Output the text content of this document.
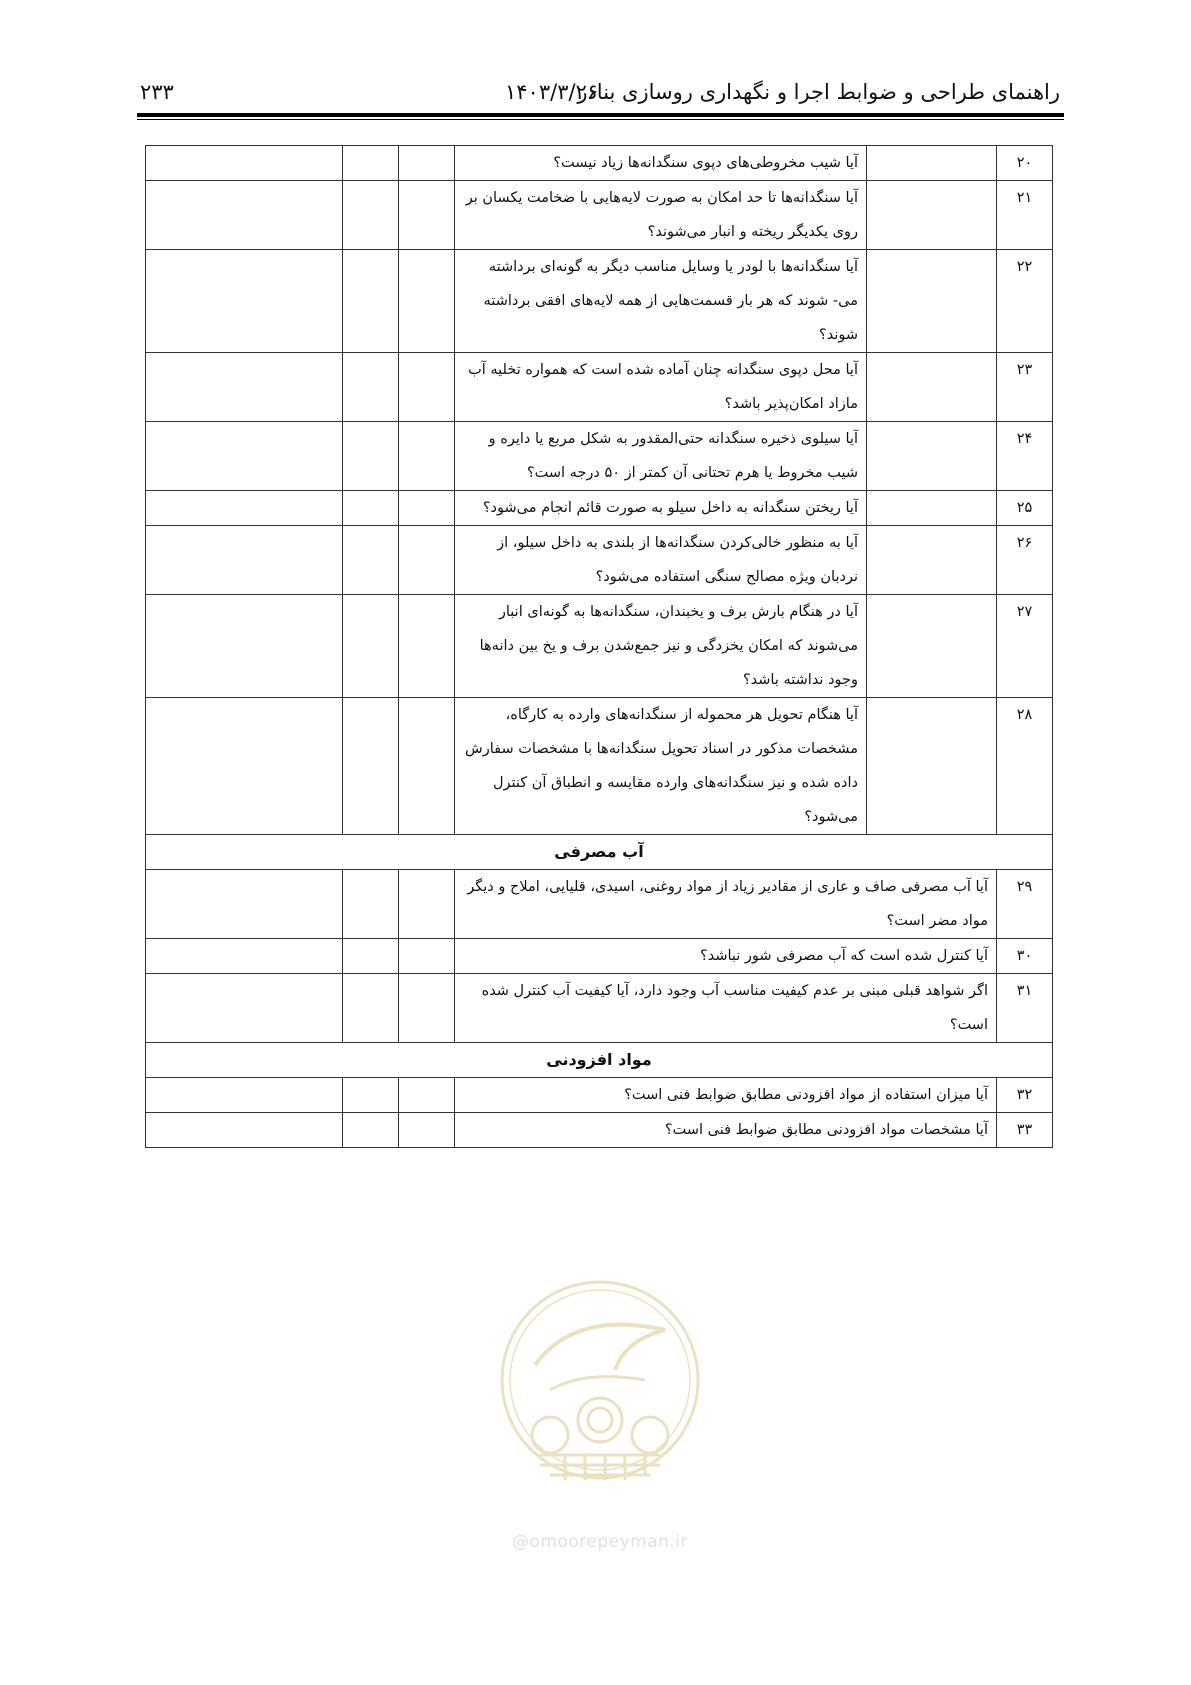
راهنمای طراحی و ضوابط اجرا و نگهداری روسازی بنادر
۱۴۰۳/۳/۲۶
۲۳۳
۲۰		آیا شیب مخروطی‌های دپوی سنگدانه‌ها زیاد نیست؟			
۲۱		آیا سنگدانه‌ها تا حد امکان به صورت لایه‌هایی با ضخامت یکسان بر روی یکدیگر ریخته و انبار می‌شوند؟			
۲۲		آیا سنگدانه‌ها با لودر یا وسایل مناسب دیگر به گونه‌ای برداشته می- شوند که هر بار قسمت‌هایی از همه لایه‌های افقی برداشته شوند؟			
۲۳		آیا محل دپوی سنگدانه چنان آماده شده است که همواره تخلیه آب مازاد امکان‌پذیر باشد؟			
۲۴		آیا سیلوی ذخیره سنگدانه حتی‌المقدور به شکل مربع یا دایره و شیب مخروط یا هرم تحتانی آن کمتر از ۵۰ درجه است؟			
۲۵		آیا ریختن سنگدانه به داخل سیلو به صورت قائم انجام می‌شود؟			
۲۶		آیا به منظور خالی‌کردن سنگدانه‌ها از بلندی به داخل سیلو، از نردبان ویژه مصالح سنگی استفاده می‌شود؟			
۲۷		آیا در هنگام بارش برف و یخبندان، سنگدانه‌ها به گونه‌ای انبار می‌شوند که امکان یخزدگی و نیز جمع‌شدن برف و یخ بین دانه‌ها وجود نداشته باشد؟			
۲۸		آیا هنگام تحویل هر محموله از سنگدانه‌های وارده به کارگاه، مشخصات مذکور در اسناد تحویل سنگدانه‌ها با مشخصات سفارش داده شده و نیز سنگدانه‌های وارده مقایسه و انطباق آن کنترل می‌شود؟			
آب مصرفی					
۲۹	آیا آب مصرفی صاف و عاری از مقادیر زیاد از مواد روغنی، اسیدی، قلیایی، املاح و دیگر مواد مضر است؟				
۳۰	آیا کنترل شده است که آب مصرفی شور نباشد؟				
۳۱	اگر شواهد قبلی مبنی بر عدم کیفیت مناسب آب وجود دارد، آیا کیفیت آب کنترل شده است؟				
مواد افزودنی					
۳۲	آیا میزان استفاده از مواد افزودنی مطابق ضوابط فنی است؟				
۳۳	آیا مشخصات مواد افزودنی مطابق ضوابط فنی است؟				
@omoorepeyman.ir
